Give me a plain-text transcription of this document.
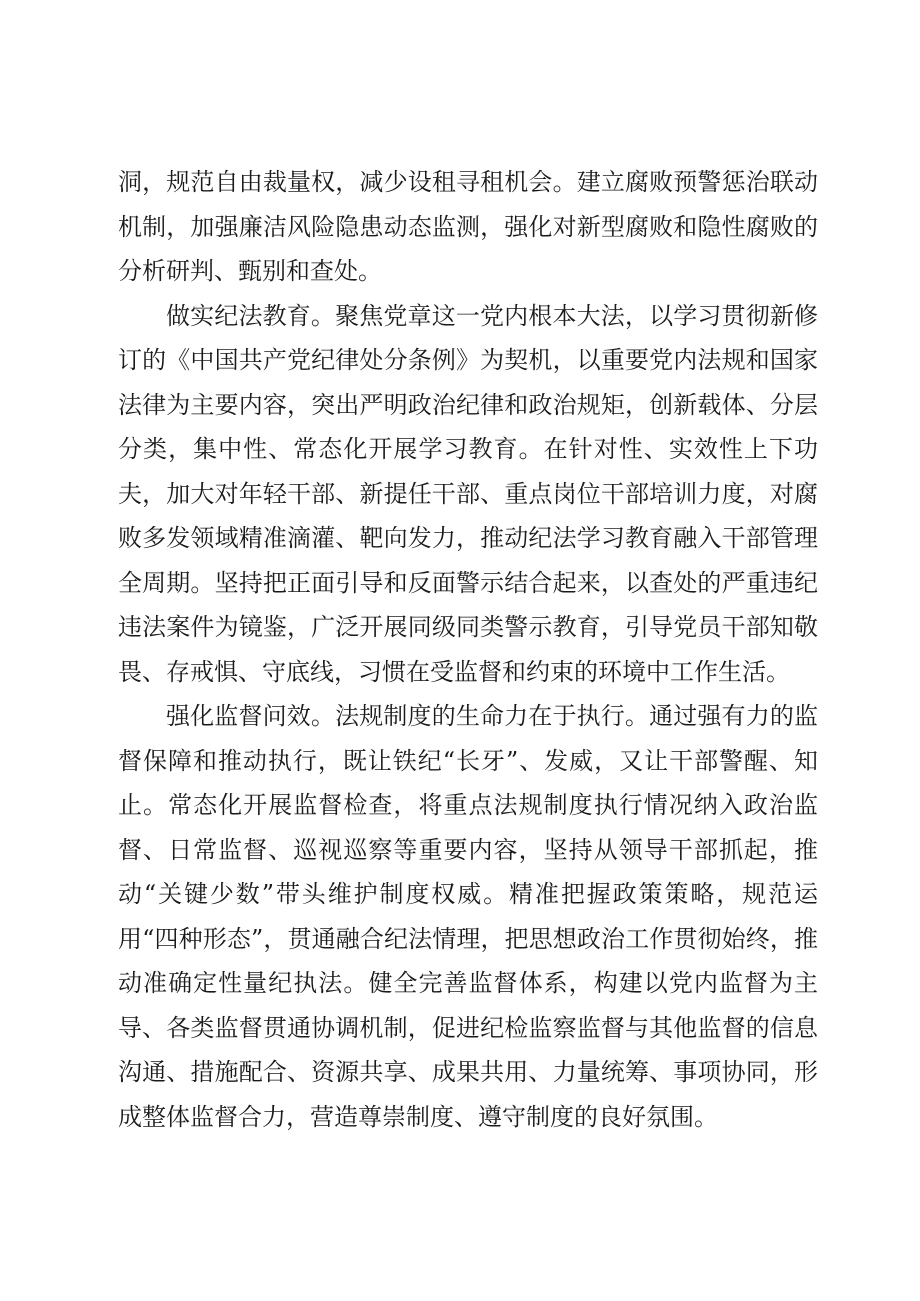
洞，规范自由裁量权，减少设租寻租机会。建立腐败预警惩治联动机制，加强廉洁风险隐患动态监测，强化对新型腐败和隐性腐败的分析研判、甄别和查处。

做实纪法教育。聚焦党章这一党内根本大法，以学习贯彻新修订的《中国共产党纪律处分条例》为契机，以重要党内法规和国家法律为主要内容，突出严明政治纪律和政治规矩，创新载体、分层分类，集中性、常态化开展学习教育。在针对性、实效性上下功夫，加大对年轻干部、新提任干部、重点岗位干部培训力度，对腐败多发领域精准滴灌、靶向发力，推动纪法学习教育融入干部管理全周期。坚持把正面引导和反面警示结合起来，以查处的严重违纪违法案件为镜鉴，广泛开展同级同类警示教育，引导党员干部知敬畏、存戒惧、守底线，习惯在受监督和约束的环境中工作生活。

强化监督问效。法规制度的生命力在于执行。通过强有力的监督保障和推动执行，既让铁纪“长牙”、发威，又让干部警醒、知止。常态化开展监督检查，将重点法规制度执行情况纳入政治监督、日常监督、巡视巡察等重要内容，坚持从领导干部抓起，推动“关键少数”带头维护制度权威。精准把握政策策略，规范运用“四种形态”，贯通融合纪法情理，把思想政治工作贯彻始终，推动准确定性量纪执法。健全完善监督体系，构建以党内监督为主导、各类监督贯通协调机制，促进纪检监察监督与其他监督的信息沟通、措施配合、资源共享、成果共用、力量统筹、事项协同，形成整体监督合力，营造尊崇制度、遵守制度的良好氛围。
